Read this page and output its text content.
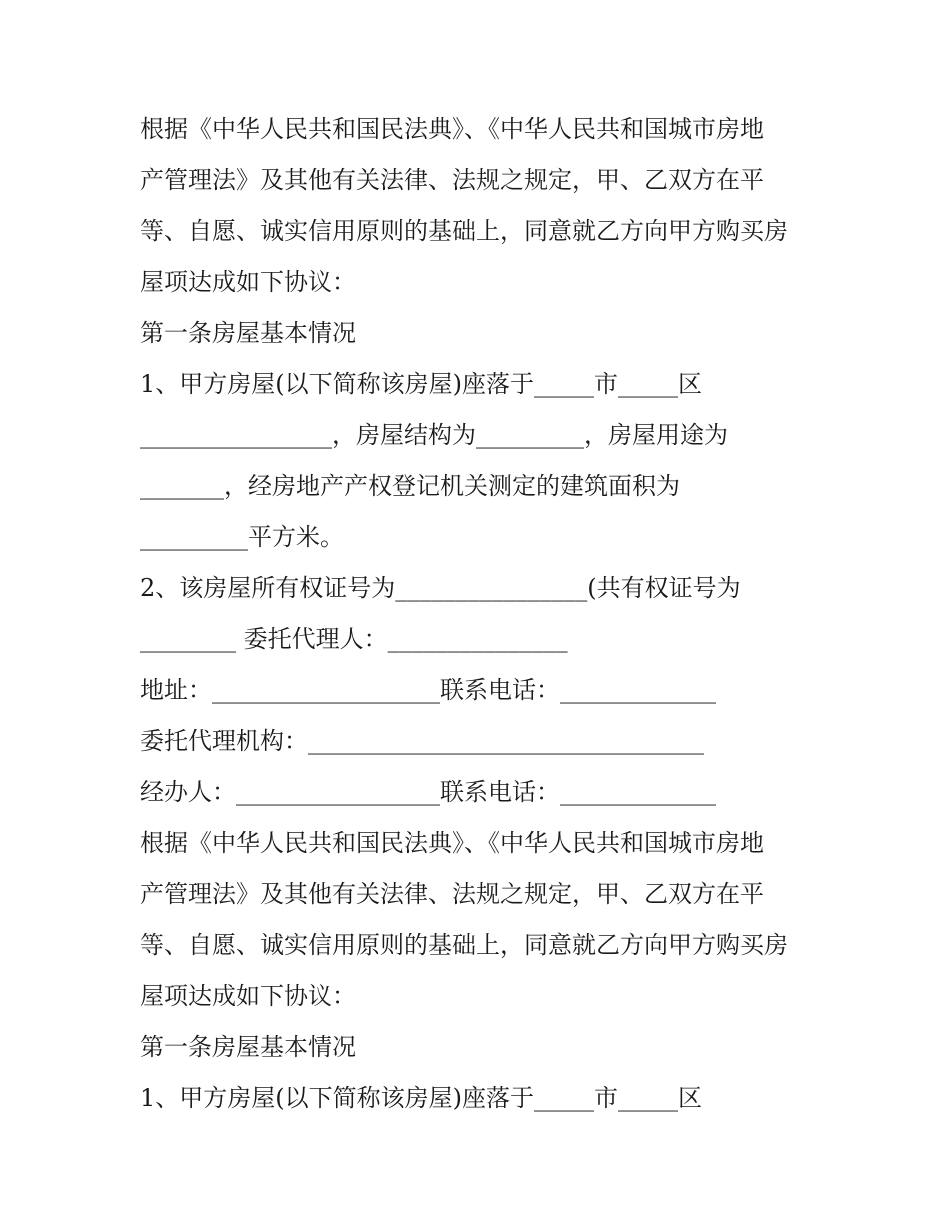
根据《中华人民共和国民法典》、《中华人民共和国城市房地
产管理法》及其他有关法律、法规之规定，甲、乙双方在平
等、自愿、诚实信用原则的基础上，同意就乙方向甲方购买房
屋项达成如下协议：
第一条房屋基本情况
1、甲方房屋(以下简称该房屋)座落于_____市_____区
________________，房屋结构为_________，房屋用途为
_______，经房地产产权登记机关测定的建筑面积为
_________平方米。
2、该房屋所有权证号为________________(共有权证号为
________ 委托代理人：_______________
地址：___________________联系电话：_____________
委托代理机构：_________________________________
经办人：_________________联系电话：_____________
根据《中华人民共和国民法典》、《中华人民共和国城市房地
产管理法》及其他有关法律、法规之规定，甲、乙双方在平
等、自愿、诚实信用原则的基础上，同意就乙方向甲方购买房
屋项达成如下协议：
第一条房屋基本情况
1、甲方房屋(以下简称该房屋)座落于_____市_____区
